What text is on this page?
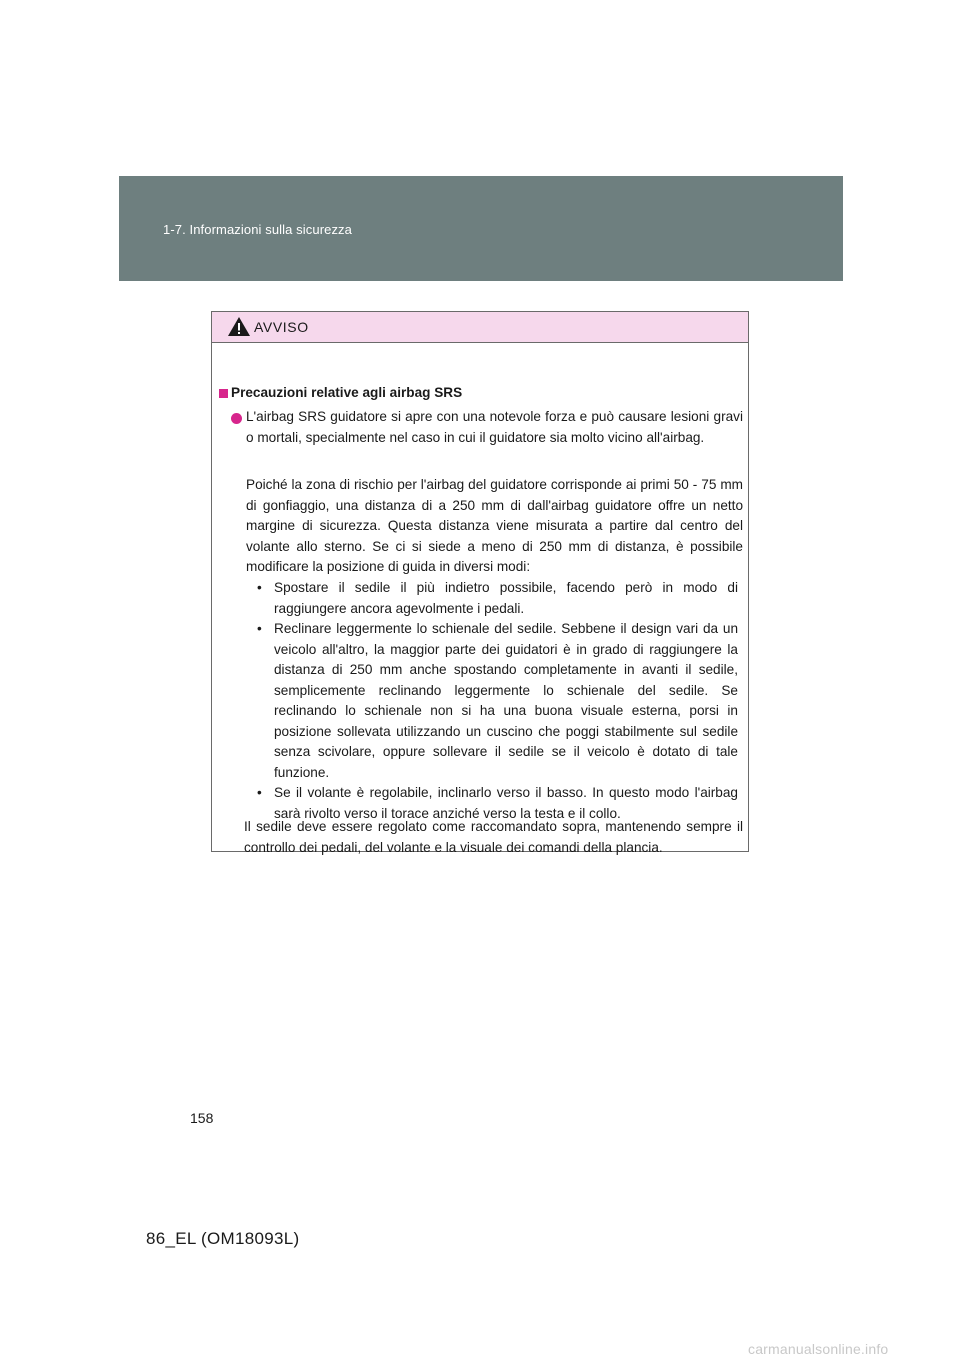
1-7. Informazioni sulla sicurezza
AVVISO
Precauzioni relative agli airbag SRS

L'airbag SRS guidatore si apre con una notevole forza e può causare lesioni gravi o mortali, specialmente nel caso in cui il guidatore sia molto vicino all'airbag.

Poiché la zona di rischio per l'airbag del guidatore corrisponde ai primi 50 - 75 mm di gonfiaggio, una distanza di a 250 mm di dall'airbag guidatore offre un netto margine di sicurezza. Questa distanza viene misurata a partire dal centro del volante allo sterno. Se ci si siede a meno di 250 mm di distanza, è possibile modificare la posizione di guida in diversi modi:

• Spostare il sedile il più indietro possibile, facendo però in modo di raggiungere ancora agevolmente i pedali.
• Reclinare leggermente lo schienale del sedile. Sebbene il design vari da un veicolo all'altro, la maggior parte dei guidatori è in grado di raggiungere la distanza di 250 mm anche spostando completamente in avanti il sedile, semplicemente reclinando leggermente lo schienale del sedile. Se reclinando lo schienale non si ha una buona visuale esterna, porsi in posizione sollevata utilizzando un cuscino che poggi stabilmente sul sedile senza scivolare, oppure sollevare il sedile se il veicolo è dotato di tale funzione.
• Se il volante è regolabile, inclinarlo verso il basso. In questo modo l'airbag sarà rivolto verso il torace anziché verso la testa e il collo.

Il sedile deve essere regolato come raccomandato sopra, mantenendo sempre il controllo dei pedali, del volante e la visuale dei comandi della plancia.

158
86_EL (OM18093L)
carmanualsonline.info
